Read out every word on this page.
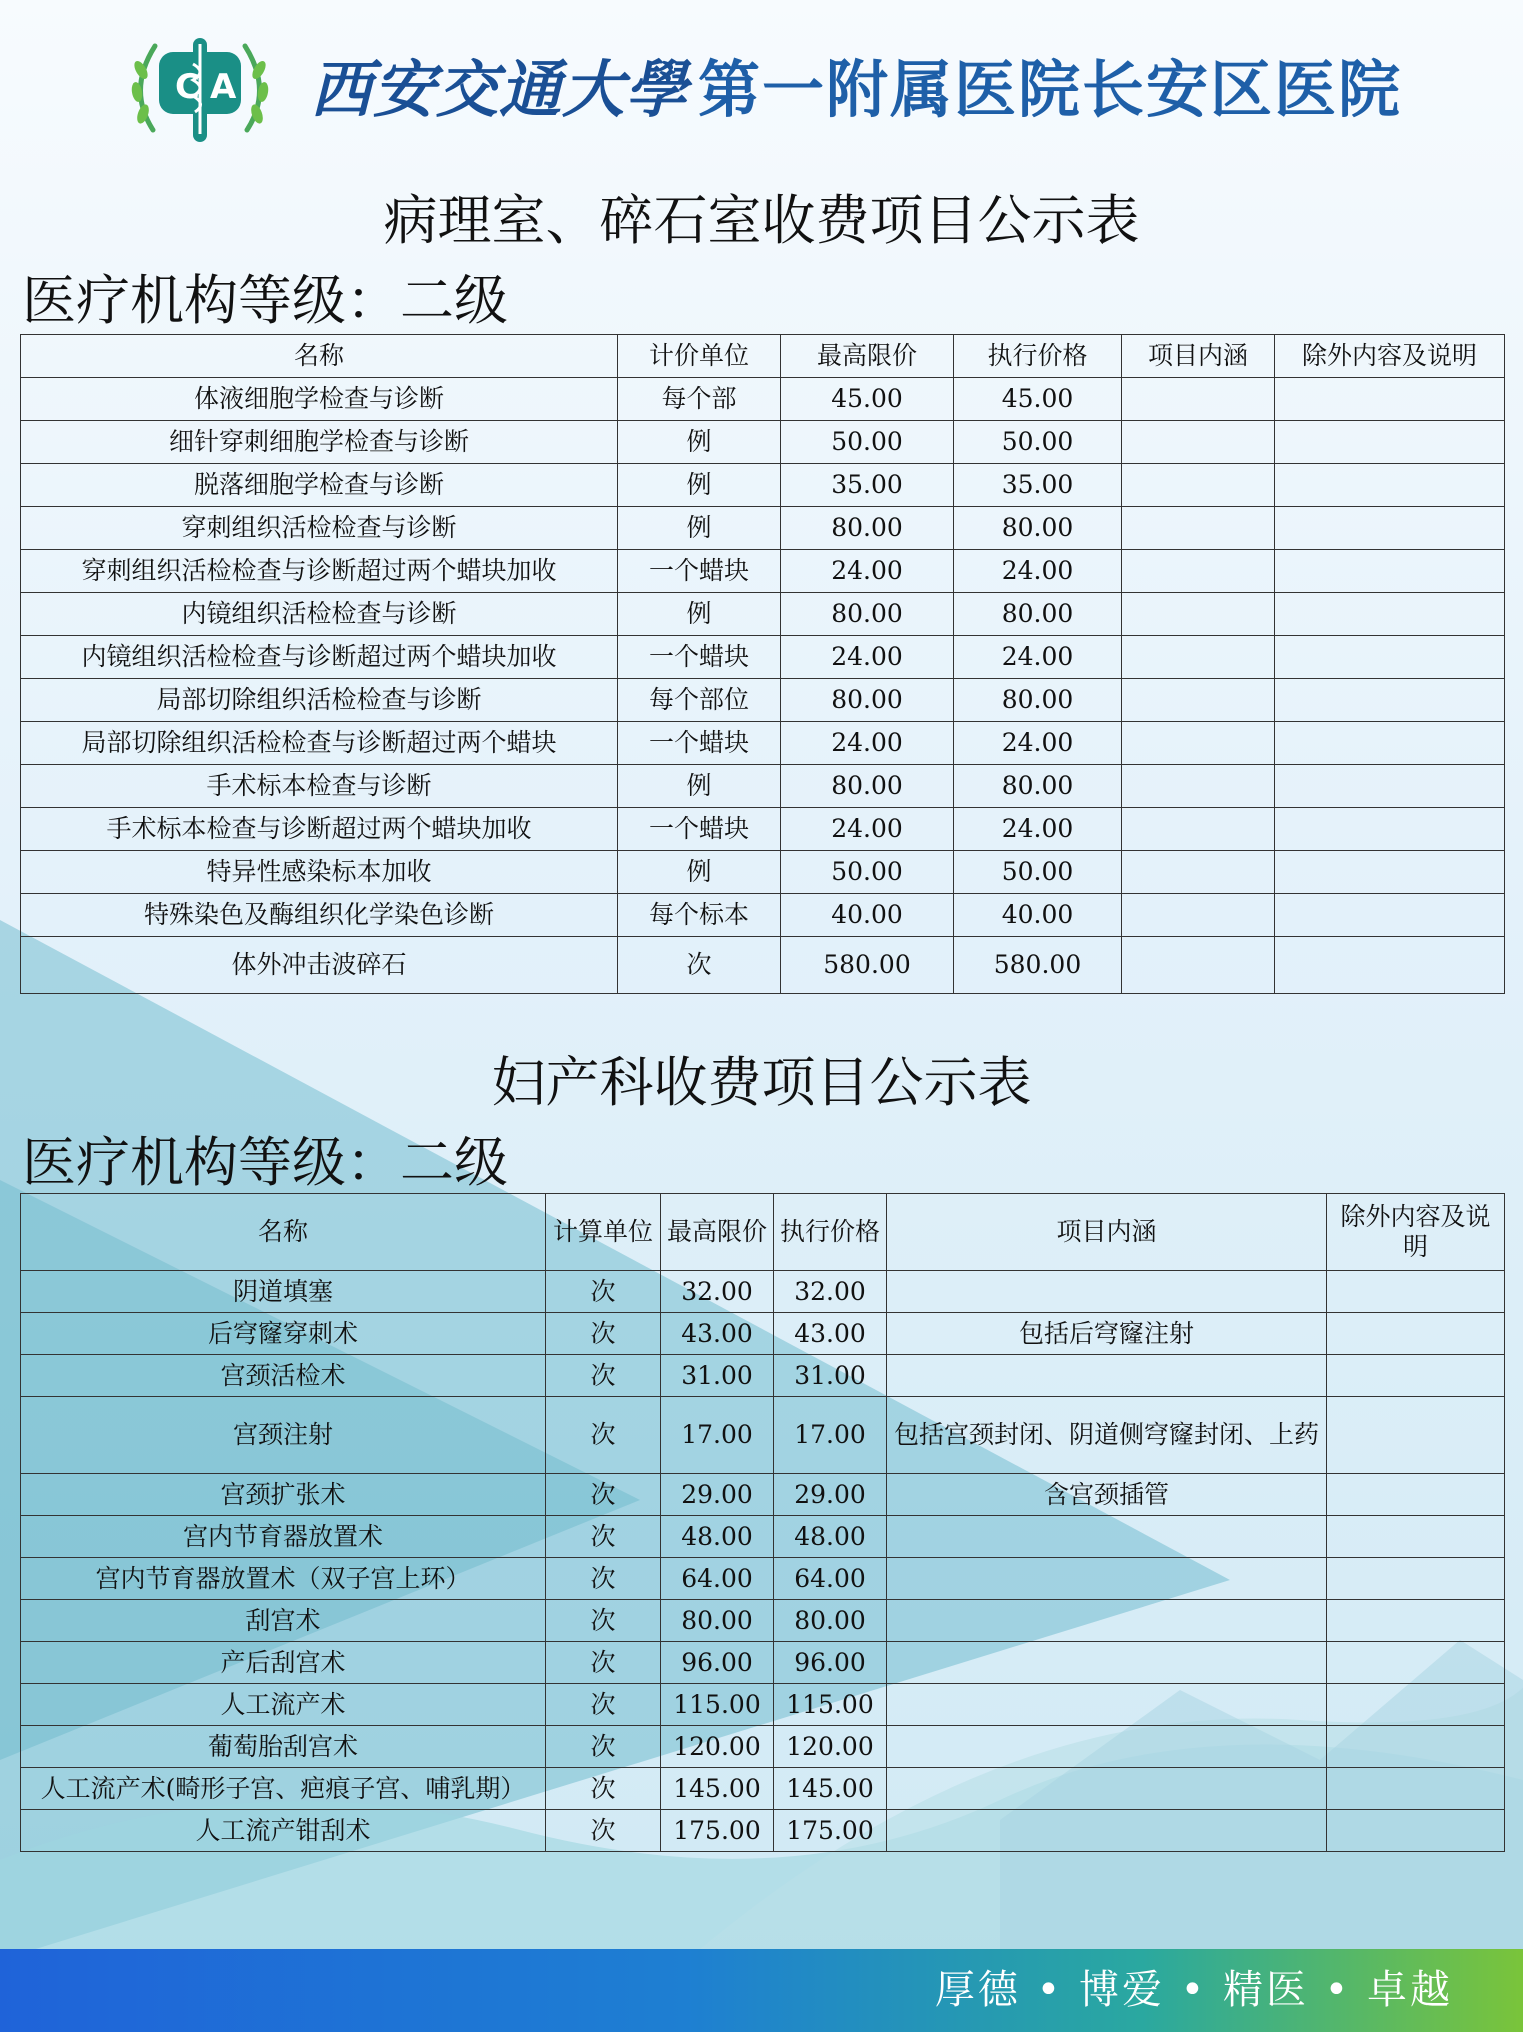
C A 西安交通大學 第一附属医院长安区医院
病理室、碎石室收费项目公示表
医疗机构等级：二级
名称	计价单位	最高限价	执行价格	项目内涵	除外内容及说明
体液细胞学检查与诊断	每个部	45.00	45.00		
细针穿刺细胞学检查与诊断	例	50.00	50.00		
脱落细胞学检查与诊断	例	35.00	35.00		
穿刺组织活检检查与诊断	例	80.00	80.00		
穿刺组织活检检查与诊断超过两个蜡块加收	一个蜡块	24.00	24.00		
内镜组织活检检查与诊断	例	80.00	80.00		
内镜组织活检检查与诊断超过两个蜡块加收	一个蜡块	24.00	24.00		
局部切除组织活检检查与诊断	每个部位	80.00	80.00		
局部切除组织活检检查与诊断超过两个蜡块	一个蜡块	24.00	24.00		
手术标本检查与诊断	例	80.00	80.00		
手术标本检查与诊断超过两个蜡块加收	一个蜡块	24.00	24.00		
特异性感染标本加收	例	50.00	50.00		
特殊染色及酶组织化学染色诊断	每个标本	40.00	40.00		
体外冲击波碎石	次	580.00	580.00		
妇产科收费项目公示表
医疗机构等级：二级
名称	计算单位	最高限价	执行价格	项目内涵	除外内容及说明
阴道填塞	次	32.00	32.00		
后穹窿穿刺术	次	43.00	43.00	包括后穹窿注射	
宫颈活检术	次	31.00	31.00		
宫颈注射	次	17.00	17.00	包括宫颈封闭、阴道侧穹窿封闭、上药	
宫颈扩张术	次	29.00	29.00	含宫颈插管	
宫内节育器放置术	次	48.00	48.00		
宫内节育器放置术（双子宫上环）	次	64.00	64.00		
刮宫术	次	80.00	80.00		
产后刮宫术	次	96.00	96.00		
人工流产术	次	115.00	115.00		
葡萄胎刮宫术	次	120.00	120.00		
人工流产术(畸形子宫、疤痕子宫、哺乳期）	次	145.00	145.00		
人工流产钳刮术	次	175.00	175.00		
厚德 • 博爱 • 精医 • 卓越
